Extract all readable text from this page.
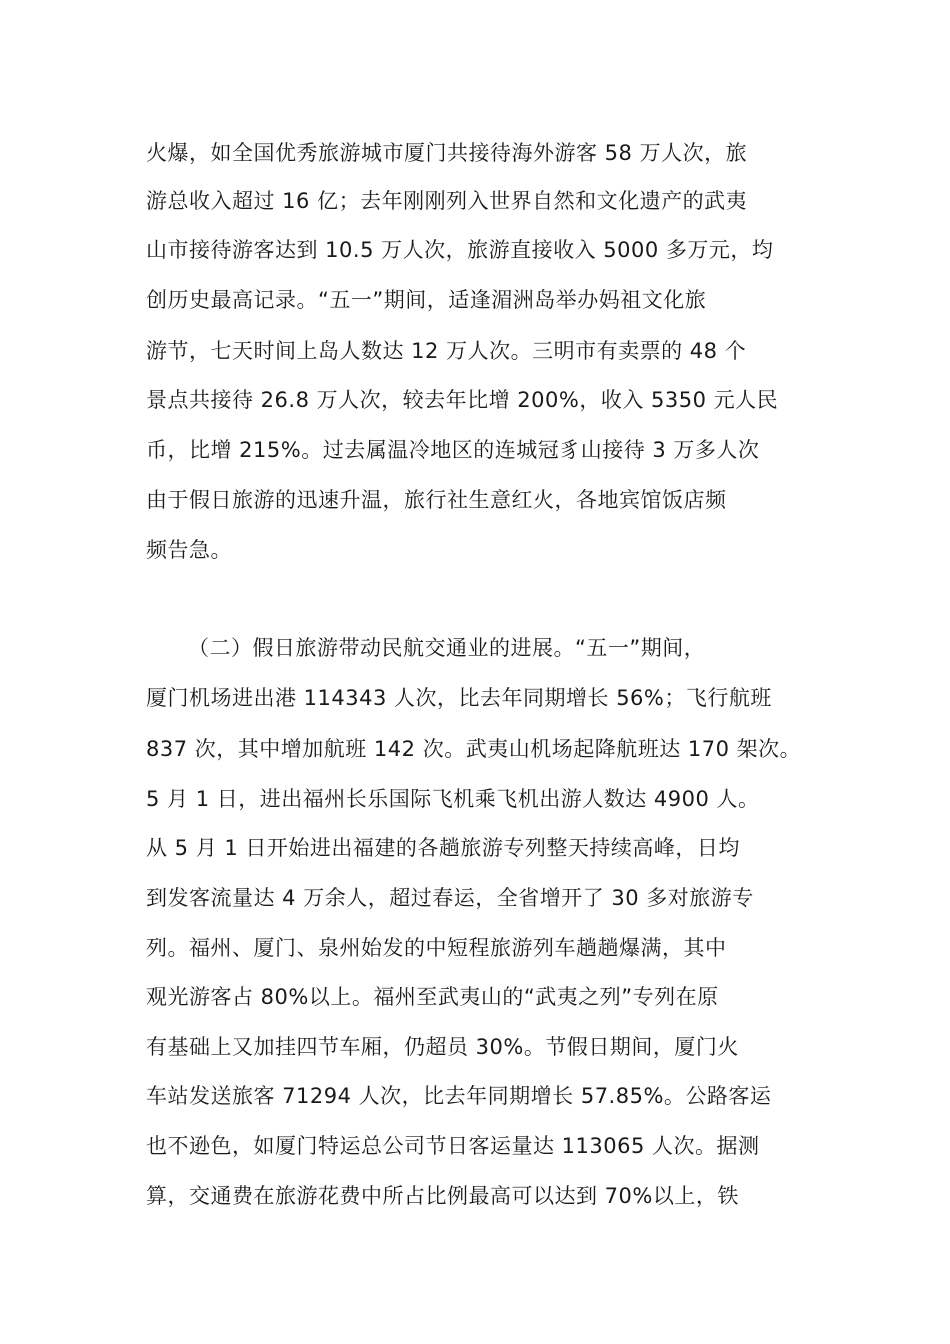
火爆，如全国优秀旅游城市厦门共接待海外游客 58 万人次，旅
游总收入超过 16 亿；去年刚刚列入世界自然和文化遗产的武夷
山市接待游客达到 10.5 万人次，旅游直接收入 5000 多万元，均
创历史最高记录。“五一”期间，适逢湄洲岛举办妈祖文化旅
游节，七天时间上岛人数达 12 万人次。三明市有卖票的 48 个
景点共接待 26.8 万人次，较去年比增 200%，收入 5350 元人民
币，比增 215%。过去属温冷地区的连城冠豸山接待 3 万多人次
由于假日旅游的迅速升温，旅行社生意红火，各地宾馆饭店频
频告急。
（二）假日旅游带动民航交通业的进展。“五一”期间，
厦门机场进出港 114343 人次，比去年同期增长 56%；飞行航班
837 次，其中增加航班 142 次。武夷山机场起降航班达 170 架次。
5 月 1 日，进出福州长乐国际飞机乘飞机出游人数达 4900 人。
从 5 月 1 日开始进出福建的各趟旅游专列整天持续高峰，日均
到发客流量达 4 万余人，超过春运，全省增开了 30 多对旅游专
列。福州、厦门、泉州始发的中短程旅游列车趟趟爆满，其中
观光游客占 80%以上。福州至武夷山的“武夷之列”专列在原
有基础上又加挂四节车厢，仍超员 30%。节假日期间，厦门火
车站发送旅客 71294 人次，比去年同期增长 57.85%。公路客运
也不逊色，如厦门特运总公司节日客运量达 113065 人次。据测
算，交通费在旅游花费中所占比例最高可以达到 70%以上，铁
